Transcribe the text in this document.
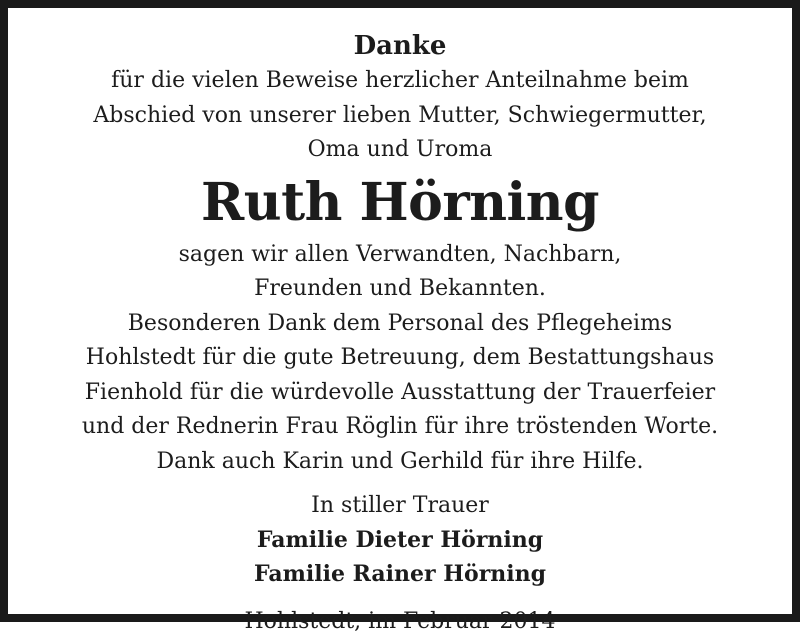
Danke
für die vielen Beweise herzlicher Anteilnahme beim
Abschied von unserer lieben Mutter, Schwiegermutter,
Oma und Uroma
Ruth Hörning
sagen wir allen Verwandten, Nachbarn,
Freunden und Bekannten.
Besonderen Dank dem Personal des Pflegeheims
Hohlstedt für die gute Betreuung, dem Bestattungshaus
Fienhold für die würdevolle Ausstattung der Trauerfeier
und der Rednerin Frau Röglin für ihre tröstenden Worte.
Dank auch Karin und Gerhild für ihre Hilfe.
In stiller Trauer
Familie Dieter Hörning
Familie Rainer Hörning
Hohlstedt, im Februar 2014
